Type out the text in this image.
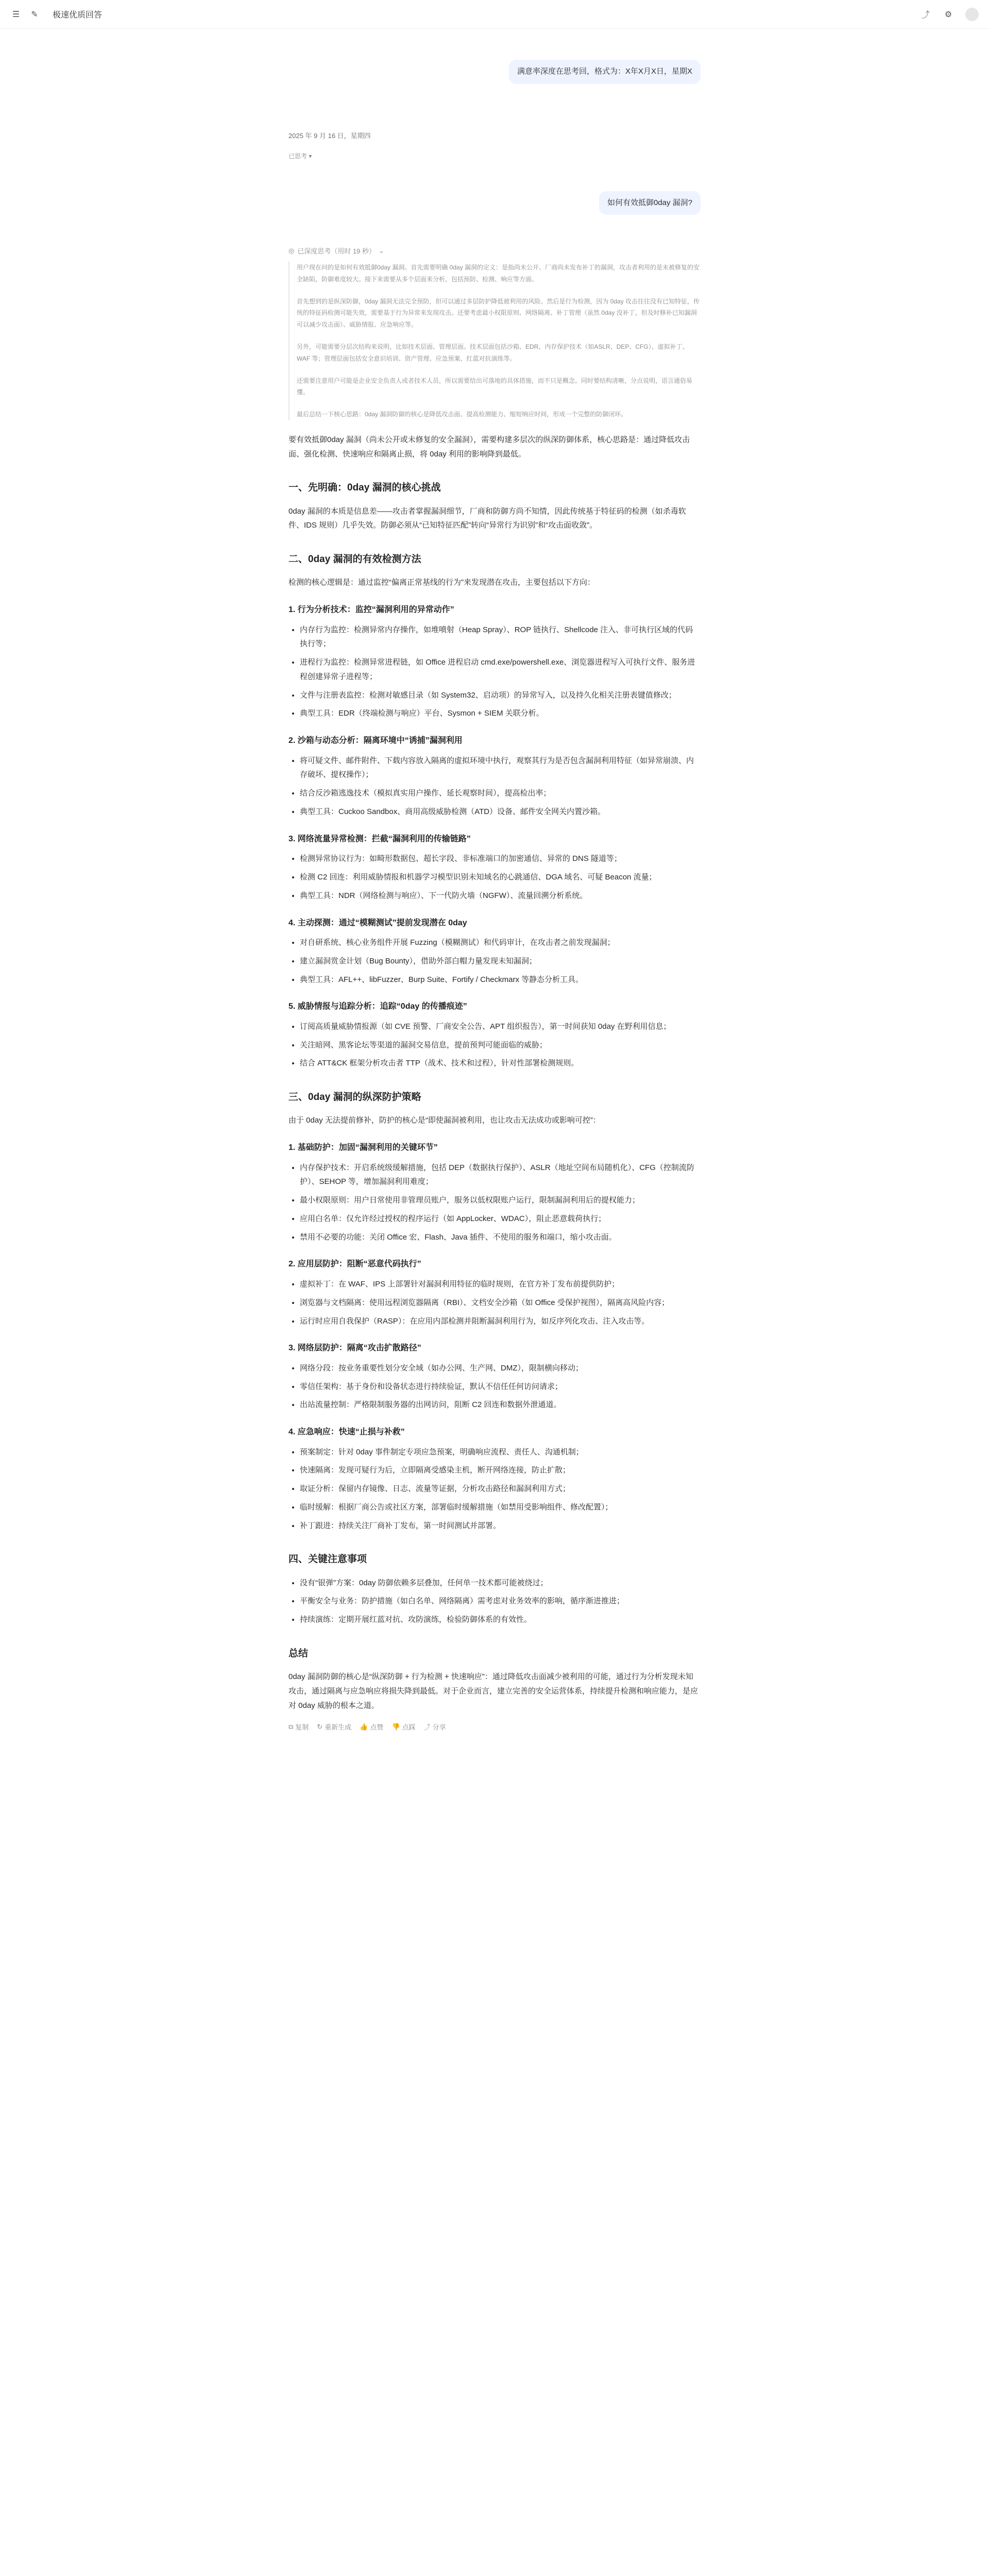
☰ ✎ 极速优质回答	⤴ ⚙
满意率深度在思考回，格式为：X年X月X日，星期X
2025 年 9 月 16 日，星期四
已思考 ▾
如何有效抵御0day 漏洞?
◎ 已深度思考（用时 19 秒） ⌄

用户现在问的是如何有效抵御0day 漏洞。首先需要明确 0day 漏洞的定义：是指尚未公开、厂商尚未发布补丁的漏洞，攻击者利用的是未被修复的安全缺陷，防御难度较大。接下来需要从多个层面来分析，包括预防、检测、响应等方面。

首先想到的是纵深防御，0day 漏洞无法完全预防，但可以通过多层防护降低被利用的风险。然后是行为检测，因为 0day 攻击往往没有已知特征，传统的特征码检测可能失效，需要基于行为异常来发现攻击。还要考虑最小权限原则、网络隔离、补丁管理（虽然 0day 没补丁，但及时修补已知漏洞可以减少攻击面）、威胁情报、应急响应等。

另外，可能需要分层次结构来说明，比如技术层面、管理层面。技术层面包括沙箱、EDR、内存保护技术（如ASLR、DEP、CFG）、虚拟补丁、WAF 等；管理层面包括安全意识培训、资产管理、应急预案、红蓝对抗演练等。

还需要注意用户可能是企业安全负责人或者技术人员，所以需要给出可落地的具体措施，而不只是概念。同时要结构清晰，分点说明，语言通俗易懂。

最后总结一下核心思路：0day 漏洞防御的核心是降低攻击面、提高检测能力、缩短响应时间，形成一个完整的防御闭环。

要有效抵御0day 漏洞（尚未公开或未修复的安全漏洞），需要构建多层次的纵深防御体系，核心思路是：通过降低攻击面、强化检测、快速响应和隔离止损，将 0day 利用的影响降到最低。

一、先明确：0day 漏洞的核心挑战

0day 漏洞的本质是信息差——攻击者掌握漏洞细节，厂商和防御方尚不知情，因此传统基于特征码的检测（如杀毒软件、IDS 规则）几乎失效。防御必须从“已知特征匹配”转向“异常行为识别”和“攻击面收敛”。

二、0day 漏洞的有效检测方法

检测的核心逻辑是：通过监控“偏离正常基线的行为”来发现潜在攻击，主要包括以下方向：

1. 行为分析技术：监控“漏洞利用的异常动作”
• 内存行为监控：检测异常内存操作，如堆喷射（Heap Spray）、ROP 链执行、Shellcode 注入、非可执行区域的代码执行等；
• 进程行为监控：检测异常进程链，如 Office 进程启动 cmd.exe/powershell.exe、浏览器进程写入可执行文件、服务进程创建异常子进程等；
• 文件与注册表监控：检测对敏感目录（如 System32、启动项）的异常写入，以及持久化相关注册表键值修改；
• 典型工具：EDR（终端检测与响应）平台、Sysmon + SIEM 关联分析。
2. 沙箱与动态分析：隔离环境中“诱捕”漏洞利用
• 将可疑文件、邮件附件、下载内容放入隔离的虚拟环境中执行，观察其行为是否包含漏洞利用特征（如异常崩溃、内存破坏、提权操作）；
• 结合反沙箱逃逸技术（模拟真实用户操作、延长观察时间），提高检出率；
• 典型工具：Cuckoo Sandbox、商用高级威胁检测（ATD）设备、邮件安全网关内置沙箱。
3. 网络流量异常检测：拦截“漏洞利用的传输链路”
• 检测异常协议行为：如畸形数据包、超长字段、非标准端口的加密通信、异常的 DNS 隧道等；
• 检测 C2 回连：利用威胁情报和机器学习模型识别未知域名的心跳通信、DGA 域名、可疑 Beacon 流量；
• 典型工具：NDR（网络检测与响应）、下一代防火墙（NGFW）、流量回溯分析系统。
4. 主动探测：通过“模糊测试”提前发现潜在 0day
• 对自研系统、核心业务组件开展 Fuzzing（模糊测试）和代码审计，在攻击者之前发现漏洞；
• 建立漏洞赏金计划（Bug Bounty），借助外部白帽力量发现未知漏洞；
• 典型工具：AFL++、libFuzzer、Burp Suite、Fortify / Checkmarx 等静态分析工具。
5. 威胁情报与追踪分析：追踪“0day 的传播痕迹”
• 订阅高质量威胁情报源（如 CVE 预警、厂商安全公告、APT 组织报告），第一时间获知 0day 在野利用信息；
• 关注暗网、黑客论坛等渠道的漏洞交易信息，提前预判可能面临的威胁；
• 结合 ATT&CK 框架分析攻击者 TTP（战术、技术和过程），针对性部署检测规则。
三、0day 漏洞的纵深防护策略

由于 0day 无法提前修补，防护的核心是“即使漏洞被利用，也让攻击无法成功或影响可控”：

1. 基础防护：加固“漏洞利用的关键环节”
• 内存保护技术：开启系统级缓解措施，包括 DEP（数据执行保护）、ASLR（地址空间布局随机化）、CFG（控制流防护）、SEHOP 等，增加漏洞利用难度；
• 最小权限原则：用户日常使用非管理员账户，服务以低权限账户运行，限制漏洞利用后的提权能力；
• 应用白名单：仅允许经过授权的程序运行（如 AppLocker、WDAC），阻止恶意载荷执行；
• 禁用不必要的功能：关闭 Office 宏、Flash、Java 插件、不使用的服务和端口，缩小攻击面。
2. 应用层防护：阻断“恶意代码执行”
• 虚拟补丁：在 WAF、IPS 上部署针对漏洞利用特征的临时规则，在官方补丁发布前提供防护；
• 浏览器与文档隔离：使用远程浏览器隔离（RBI）、文档安全沙箱（如 Office 受保护视图），隔离高风险内容；
• 运行时应用自我保护（RASP）：在应用内部检测并阻断漏洞利用行为，如反序列化攻击、注入攻击等。
3. 网络层防护：隔离“攻击扩散路径”
• 网络分段：按业务重要性划分安全域（如办公网、生产网、DMZ），限制横向移动；
• 零信任架构：基于身份和设备状态进行持续验证，默认不信任任何访问请求；
• 出站流量控制：严格限制服务器的出网访问，阻断 C2 回连和数据外泄通道。
4. 应急响应：快速“止损与补救”
• 预案制定：针对 0day 事件制定专项应急预案，明确响应流程、责任人、沟通机制；
• 快速隔离：发现可疑行为后，立即隔离受感染主机，断开网络连接，防止扩散；
• 取证分析：保留内存镜像、日志、流量等证据，分析攻击路径和漏洞利用方式；
• 临时缓解：根据厂商公告或社区方案，部署临时缓解措施（如禁用受影响组件、修改配置）；
• 补丁跟进：持续关注厂商补丁发布，第一时间测试并部署。
四、关键注意事项
• 没有“银弹”方案：0day 防御依赖多层叠加，任何单一技术都可能被绕过；
• 平衡安全与业务：防护措施（如白名单、网络隔离）需考虑对业务效率的影响，循序渐进推进；
• 持续演练：定期开展红蓝对抗、攻防演练，检验防御体系的有效性。
总结

0day 漏洞防御的核心是“纵深防御 + 行为检测 + 快速响应”：通过降低攻击面减少被利用的可能，通过行为分析发现未知攻击，通过隔离与应急响应将损失降到最低。对于企业而言，建立完善的安全运营体系，持续提升检测和响应能力，是应对 0day 威胁的根本之道。

⧉ 复制 ↻ 重新生成 👍 点赞 👎 点踩 ⤴ 分享
